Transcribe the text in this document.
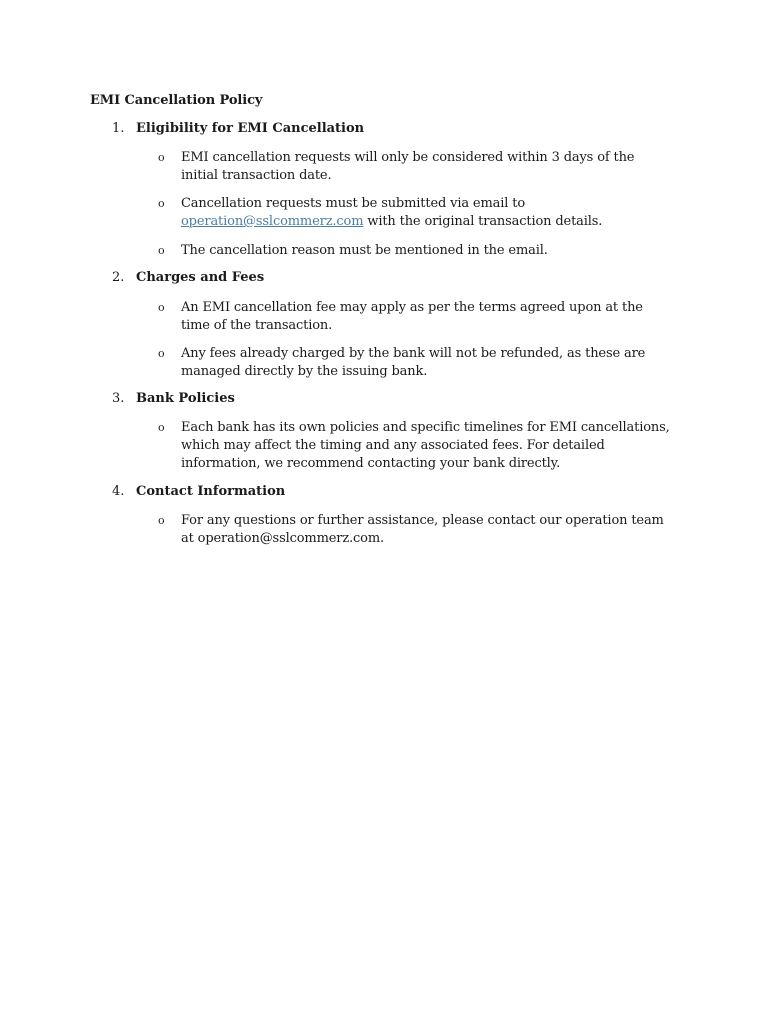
EMI Cancellation Policy
1. Eligibility for EMI Cancellation
o EMI cancellation requests will only be considered within 3 days of the initial transaction date.
o Cancellation requests must be submitted via email to operation@sslcommerz.com with the original transaction details.
o The cancellation reason must be mentioned in the email.
2. Charges and Fees
o An EMI cancellation fee may apply as per the terms agreed upon at the time of the transaction.
o Any fees already charged by the bank will not be refunded, as these are managed directly by the issuing bank.
3. Bank Policies
o Each bank has its own policies and specific timelines for EMI cancellations, which may affect the timing and any associated fees. For detailed information, we recommend contacting your bank directly.
4. Contact Information
o For any questions or further assistance, please contact our operation team at operation@sslcommerz.com.
